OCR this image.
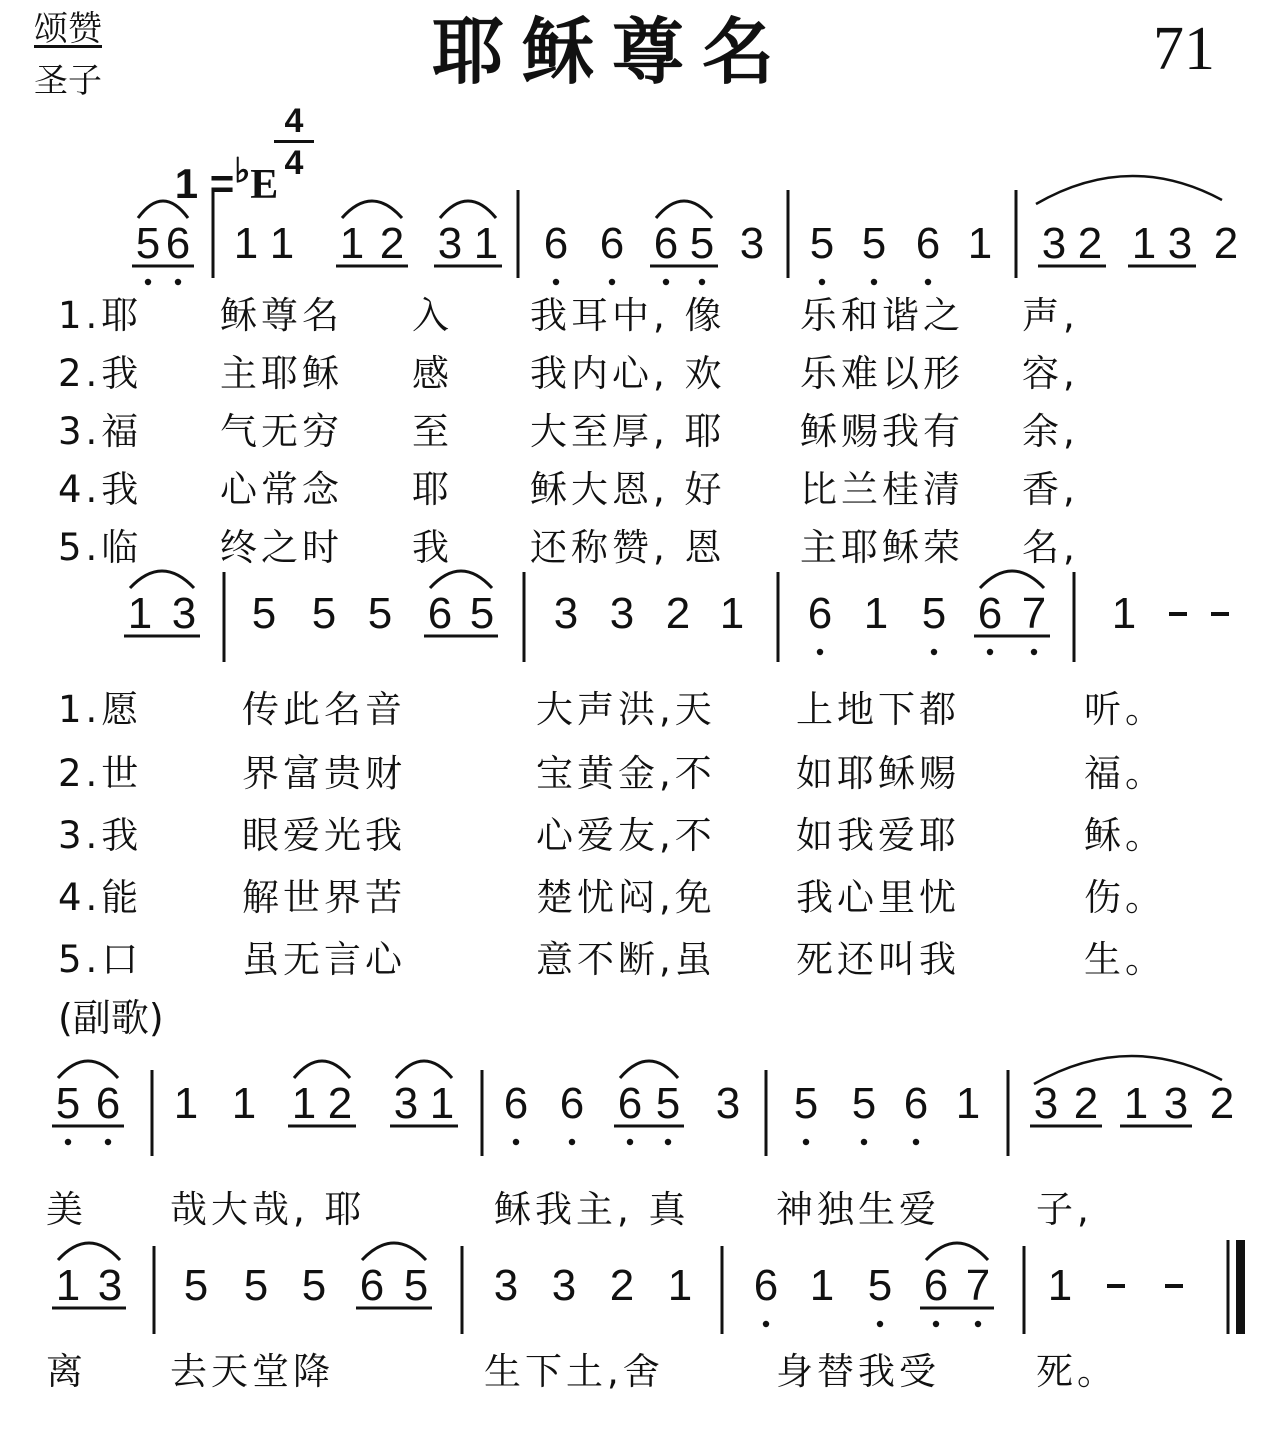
颂赞
圣子	耶稣尊名	71

1 =♭E

4
4
5 6 1 1 1 2 3 1 6 6 6 5 3 5 5 6 1 3 2 1 3 2
1 3 5 5 5 6 5 3 3 2 1 6 1 5 6 7 1
5 6 1 1 1 2 3 1 6 6 6 5 3 5 5 6 1 3 2 1 3 2
1 3 5 5 5 6 5 3 3 2 1 6 1 5 6 7 1
1.耶 稣尊名 入 我耳中, 像 乐和谐之 声,
2.我 主耶稣 感 我内心, 欢 乐难以形 容,
3.福 气无穷 至 大至厚, 耶 稣赐我有 余,
4.我 心常念 耶 稣大恩, 好 比兰桂清 香,
5.临 终之时 我 还称赞, 恩 主耶稣荣 名,
1.愿	传此名音	大声洪,天 上地下都	听。
2.世	界富贵财	宝黄金,不 如耶稣赐	福。
3.我	眼爱光我	心爱友,不 如我爱耶	稣。
4.能	解世界苦	楚忧闷,免 我心里忧	伤。
5.口	虽无言心	意不断,虽 死还叫我	生。
(副歌)
美 哉大哉, 耶	稣我主, 真 神独生爱	子,
离 去天堂降	生下土,舍	身替我受	死。
